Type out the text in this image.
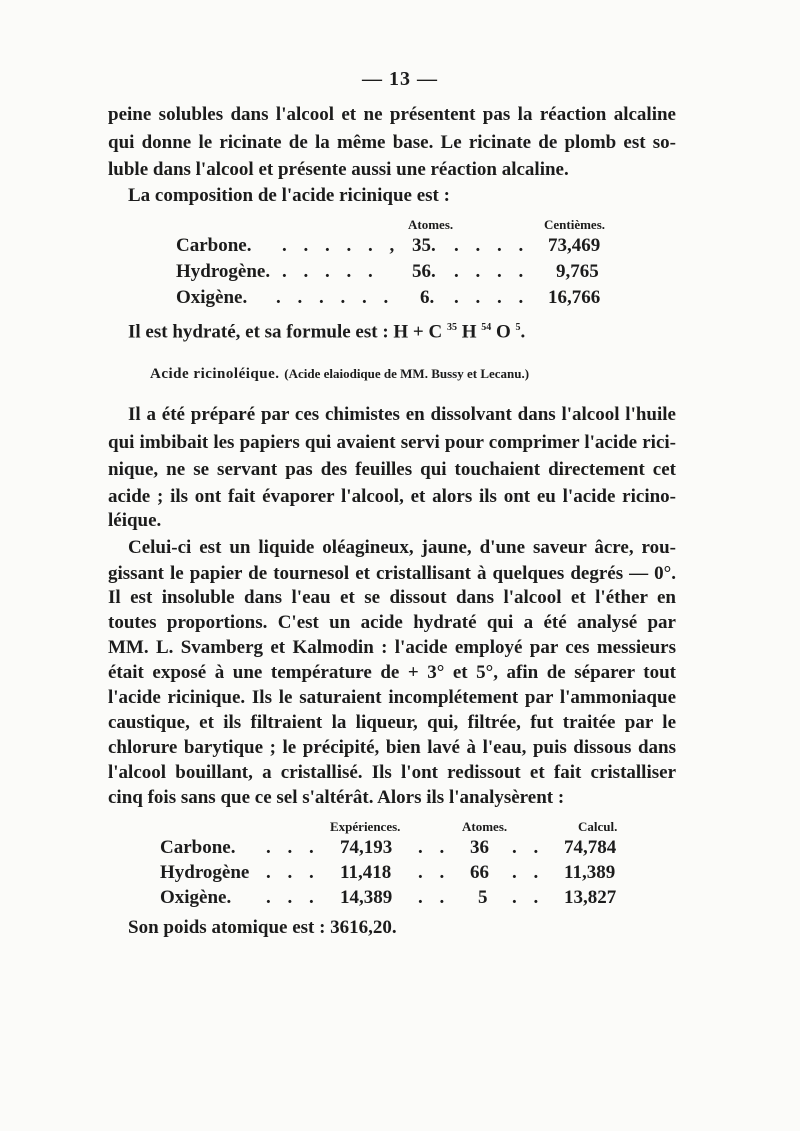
— 13 —
peine solubles dans l'alcool et ne présentent pas la réaction alcaline
qui donne le ricinate de la même base. Le ricinate de plomb est so-
luble dans l'alcool et présente aussi une réaction alcaline.
La composition de l'acide ricinique est :
Atomes.	Centièmes.
Carbone. . . . . . , 35. . . . . 73,469
Hydrogène. . . . . . 56. . . . . 9,765
Oxigène. . . . . . . 6. . . . . 16,766
Il est hydraté, et sa formule est : H + C $^{35}$ H $^{54}$ O $^5$.
Acide ricinoléique. (Acide elaiodique de MM. Bussy et Lecanu.)
Il a été préparé par ces chimistes en dissolvant dans l'alcool l'huile
qui imbibait les papiers qui avaient servi pour comprimer l'acide rici-
nique, ne se servant pas des feuilles qui touchaient directement cet
acide ; ils ont fait évaporer l'alcool, et alors ils ont eu l'acide ricino-
léique.
Celui-ci est un liquide oléagineux, jaune, d'une saveur âcre, rou-
gissant le papier de tournesol et cristallisant à quelques degrés — 0°.
Il est insoluble dans l'eau et se dissout dans l'alcool et l'éther en
toutes proportions. C'est un acide hydraté qui a été analysé par
MM. L. Svamberg et Kalmodin : l'acide employé par ces messieurs
était exposé à une température de + 3° et 5°, afin de séparer tout
l'acide ricinique. Ils le saturaient incomplétement par l'ammoniaque
caustique, et ils filtraient la liqueur, qui, filtrée, fut traitée par le
chlorure barytique ; le précipité, bien lavé à l'eau, puis dissous dans
l'alcool bouillant, a cristallisé. Ils l'ont redissout et fait cristalliser
cinq fois sans que ce sel s'altérât. Alors ils l'analysèrent :
Expériences.	Atomes.	Calcul.
Carbone. . . . 74,193 . . 36 . . 74,784
Hydrogène . . . 11,418 . . 66 . . 11,389
Oxigène. . . . 14,389 . . 5 . . 13,827
Son poids atomique est : 3616,20.
